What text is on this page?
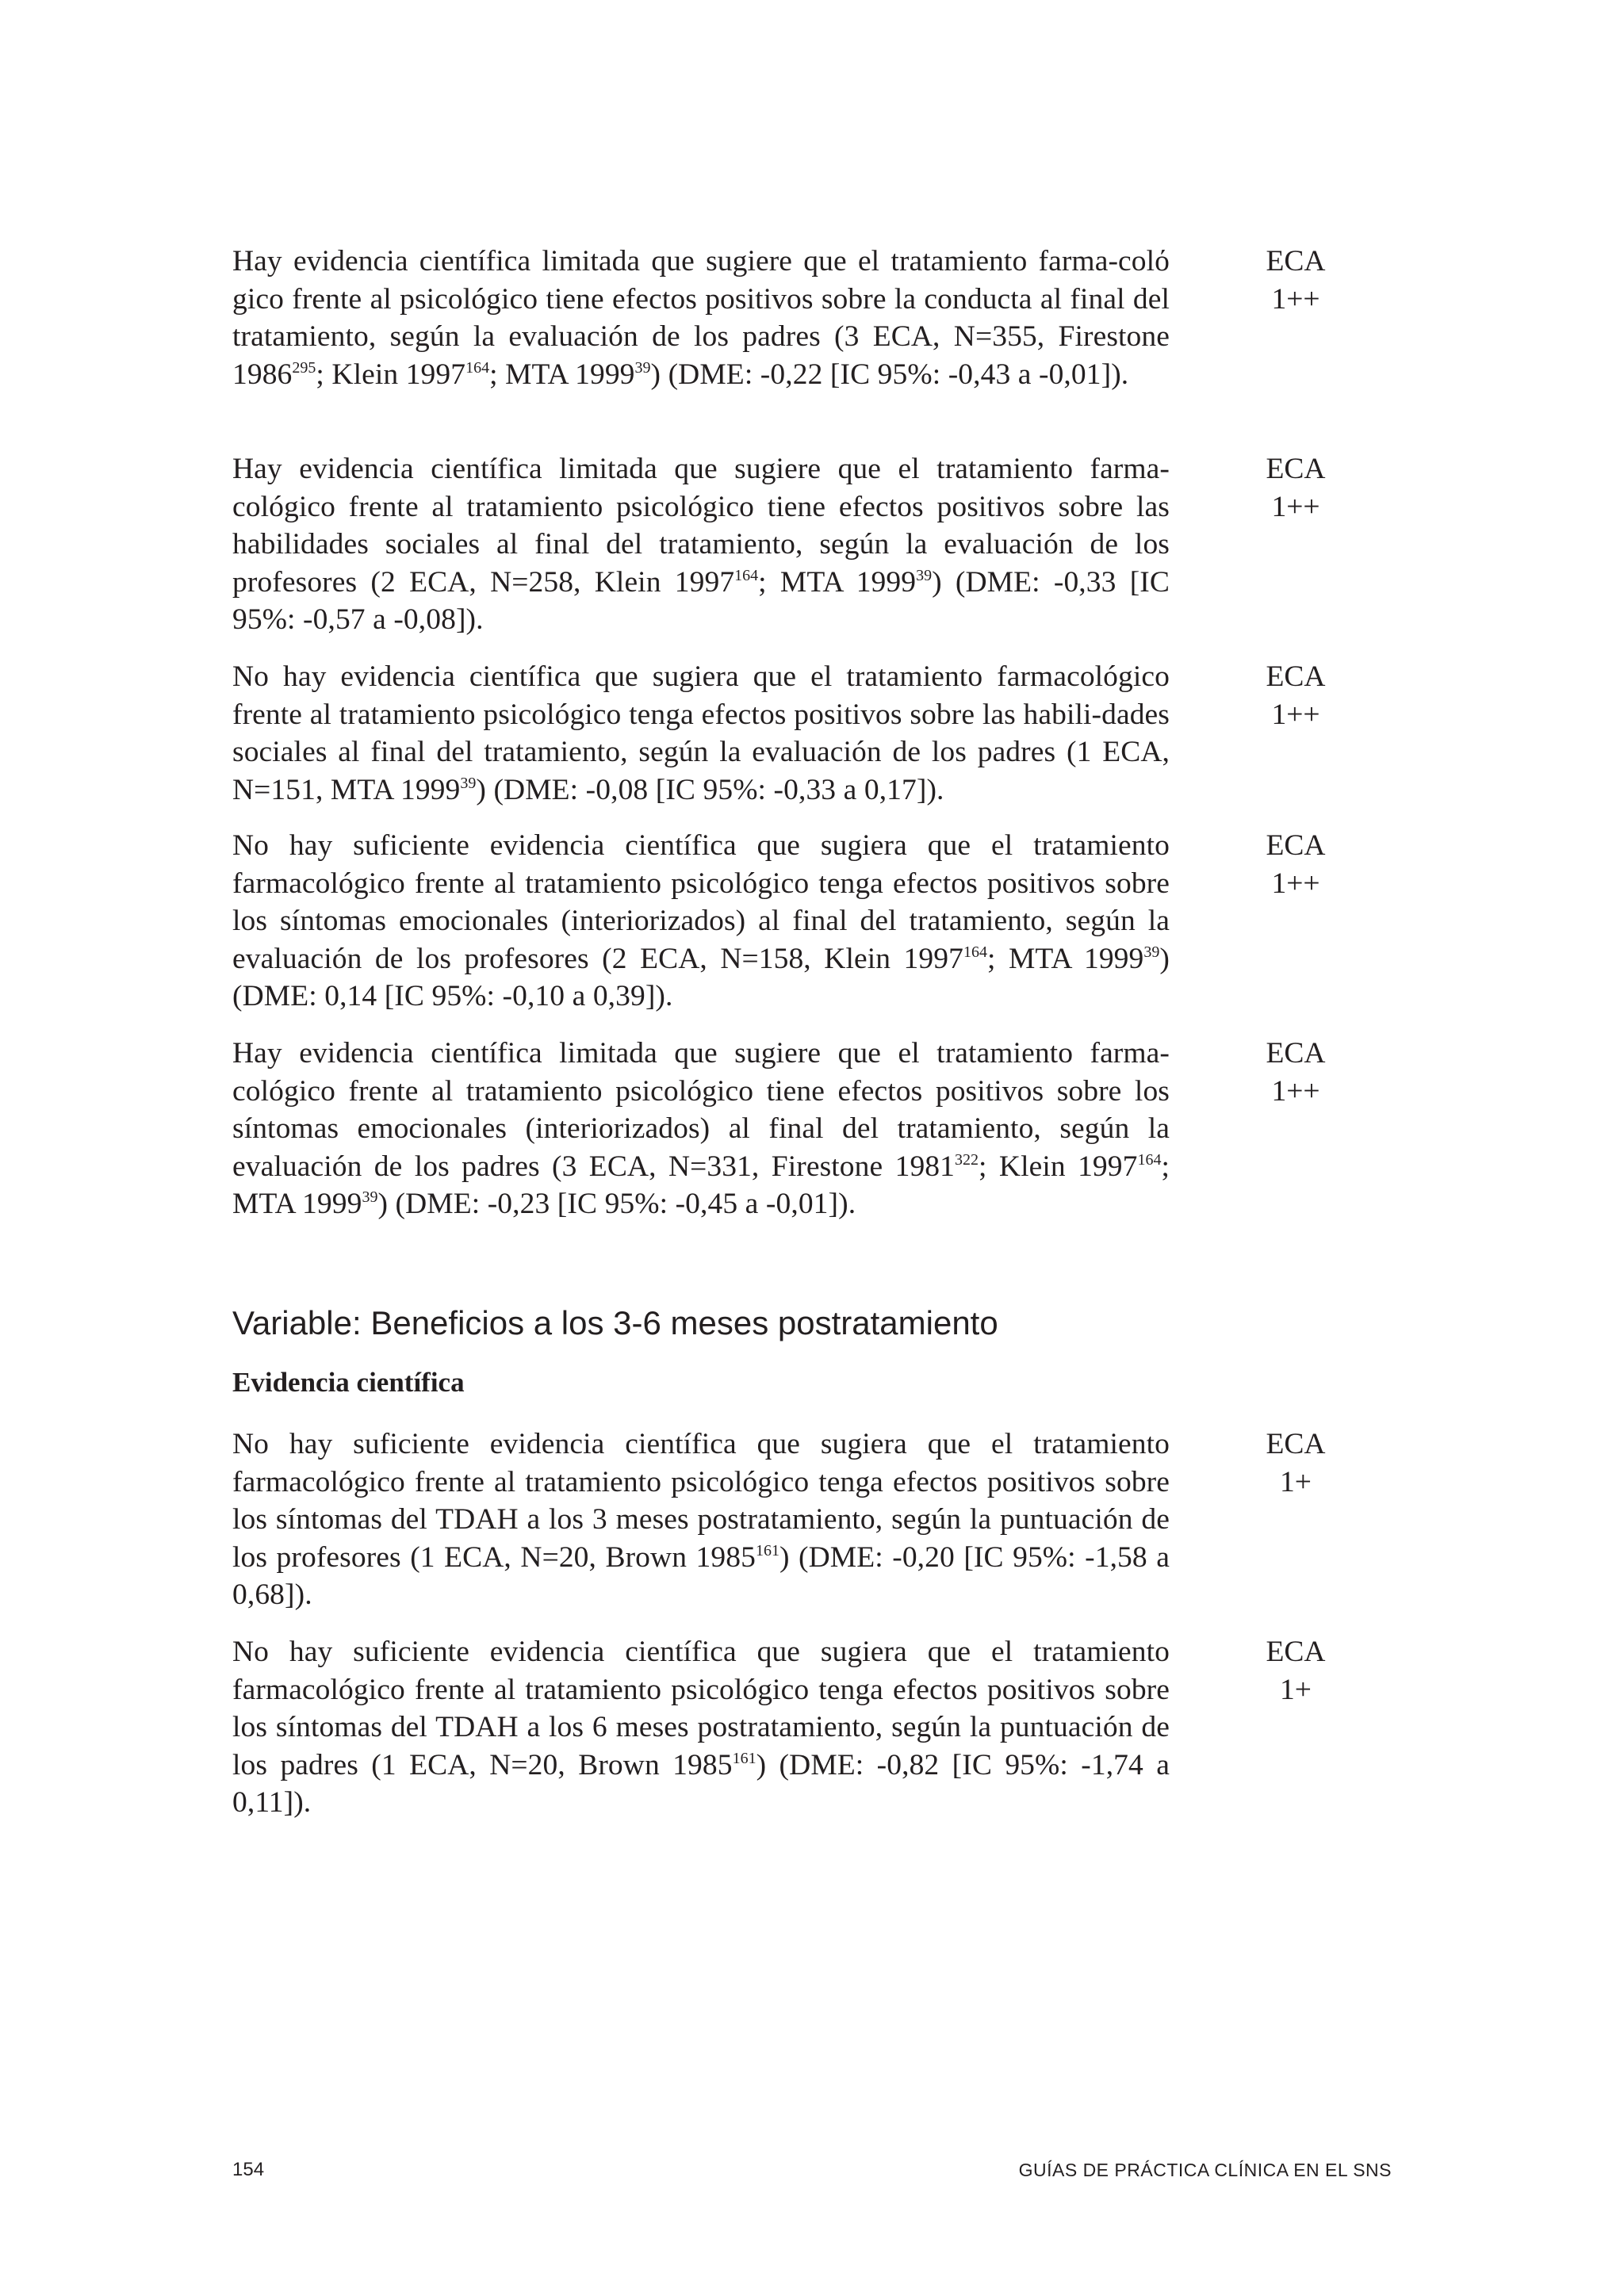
Hay evidencia científica limitada que sugiere que el tratamiento farma-colό gico frente al psicológico tiene efectos positivos sobre la conducta al final del tratamiento, según la evaluación de los padres (3 ECA, N=355, Firestone 1986$^{295}$; Klein 1997$^{164}$; MTA 1999$^{39}$) (DME: -0,22 [IC 95%: -0,43 a -0,01]).

ECA
1++

Hay evidencia científica limitada que sugiere que el tratamiento farma-cológico frente al tratamiento psicológico tiene efectos positivos sobre las habilidades sociales al final del tratamiento, según la evaluación de los profesores (2 ECA, N=258, Klein 1997$^{164}$; MTA 1999$^{39}$) (DME: -0,33 [IC 95%: -0,57 a -0,08]).

ECA
1++

No hay evidencia científica que sugiera que el tratamiento farmacológico frente al tratamiento psicológico tenga efectos positivos sobre las habili-dades sociales al final del tratamiento, según la evaluación de los padres (1 ECA, N=151, MTA 1999$^{39}$) (DME: -0,08 [IC 95%: -0,33 a 0,17]).

ECA
1++

No hay suficiente evidencia científica que sugiera que el tratamiento farmacológico frente al tratamiento psicológico tenga efectos positivos sobre los síntomas emocionales (interiorizados) al final del tratamiento, según la evaluación de los profesores (2 ECA, N=158, Klein 1997$^{164}$; MTA 1999$^{39}$) (DME: 0,14 [IC 95%: -0,10 a 0,39]).

ECA
1++

Hay evidencia científica limitada que sugiere que el tratamiento farma-cológico frente al tratamiento psicológico tiene efectos positivos sobre los síntomas emocionales (interiorizados) al final del tratamiento, según la evaluación de los padres (3 ECA, N=331, Firestone 1981$^{322}$; Klein 1997$^{164}$; MTA 1999$^{39}$) (DME: -0,23 [IC 95%: -0,45 a -0,01]).

ECA
1++
Variable: Beneficios a los 3-6 meses postratamiento
Evidencia científica

No hay suficiente evidencia científica que sugiera que el tratamiento farmacológico frente al tratamiento psicológico tenga efectos positivos sobre los síntomas del TDAH a los 3 meses postratamiento, según la puntuación de los profesores (1 ECA, N=20, Brown 1985$^{161}$) (DME: -0,20 [IC 95%: -1,58 a 0,68]).

ECA
1+

No hay suficiente evidencia científica que sugiera que el tratamiento farmacológico frente al tratamiento psicológico tenga efectos positivos sobre los síntomas del TDAH a los 6 meses postratamiento, según la puntuación de los padres (1 ECA, N=20, Brown 1985$^{161}$) (DME: -0,82 [IC 95%: -1,74 a 0,11]).

ECA
1+
154	GUÍAS DE PRÁCTICA CLÍNICA EN EL SNS
